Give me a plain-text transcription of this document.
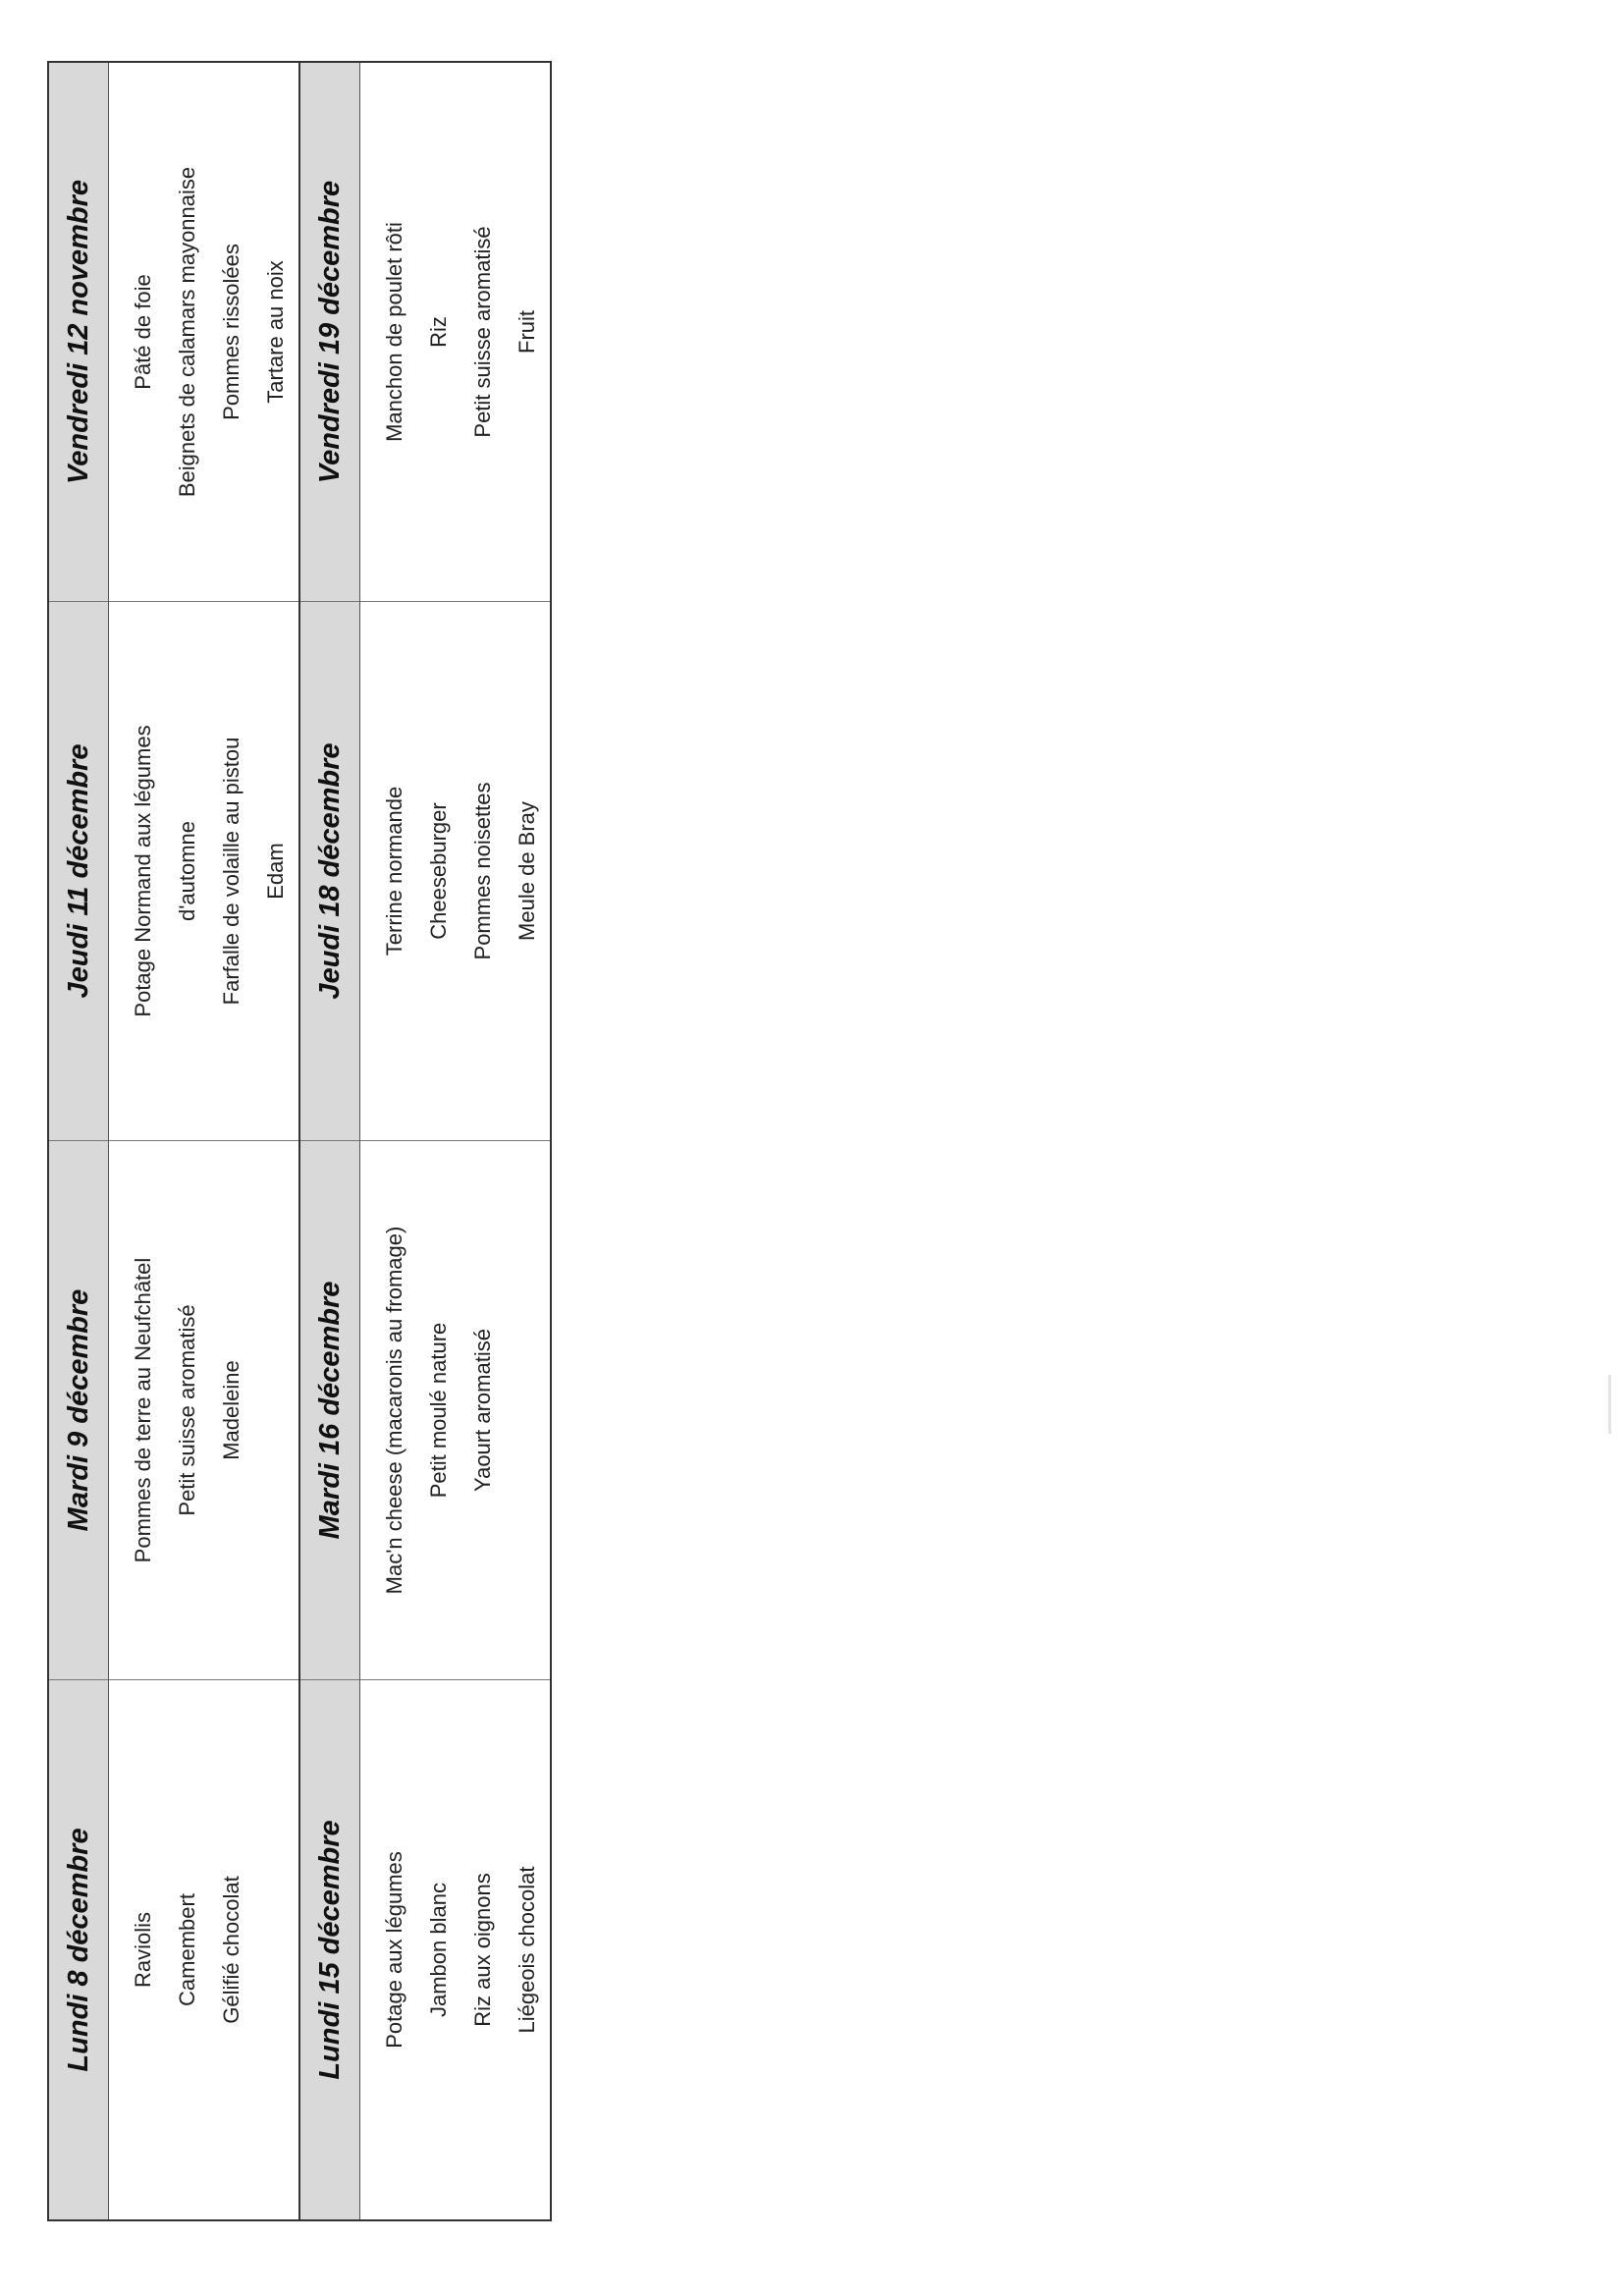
Lundi 8 décembre
Mardi 9 décembre
Jeudi 11 décembre
Vendredi 12 novembre
Raviolis Camembert Gélifié chocolat
Pommes de terre au Neufchâtel Petit suisse aromatisé Madeleine
Potage Normand aux légumes d'automne Farfalle de volaille au pistou Edam
Pâté de foie Beignets de calamars mayonnaise Pommes rissolées Tartare au noix
Lundi 15 décembre
Mardi 16 décembre
Jeudi 18 décembre
Vendredi 19 décembre
Potage aux légumes Jambon blanc Riz aux oignons Liégeois chocolat
Mac'n cheese (macaronis au fromage) Petit moulé nature Yaourt aromatisé
Terrine normande Cheeseburger Pommes noisettes Meule de Bray
Manchon de poulet rôti Riz Petit suisse aromatisé Fruit
